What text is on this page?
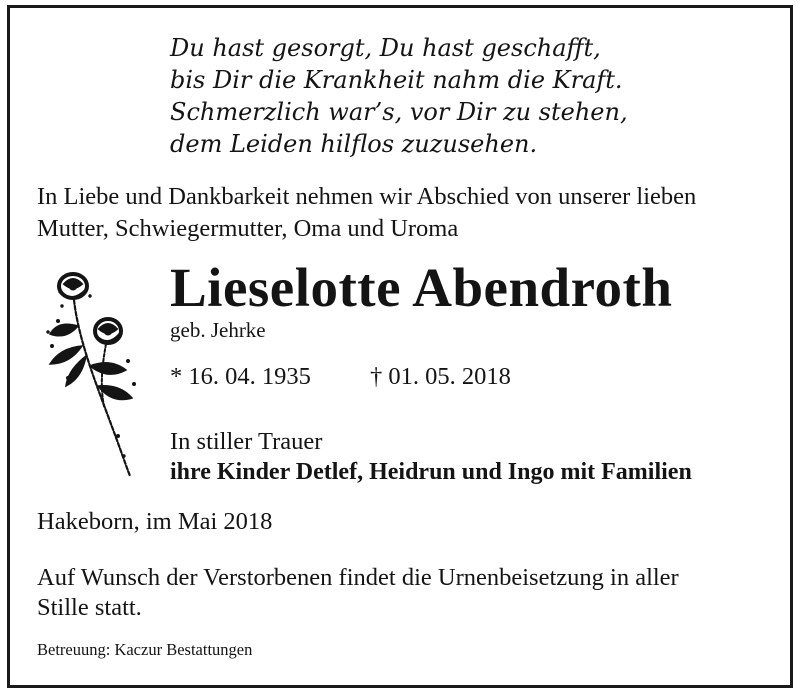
Du hast gesorgt, Du hast geschafft,
bis Dir die Krankheit nahm die Kraft.
Schmerzlich war’s, vor Dir zu stehen,
dem Leiden hilflos zuzusehen.
In Liebe und Dankbarkeit nehmen wir Abschied von unserer lieben
Mutter, Schwiegermutter, Oma und Uroma
Lieselotte Abendroth
geb. Jehrke
* 16. 04. 1935 † 01. 05. 2018
In stiller Trauer
ihre Kinder Detlef, Heidrun und Ingo mit Familien
Hakeborn, im Mai 2018
Auf Wunsch der Verstorbenen findet die Urnenbeisetzung in aller
Stille statt.
Betreuung: Kaczur Bestattungen
